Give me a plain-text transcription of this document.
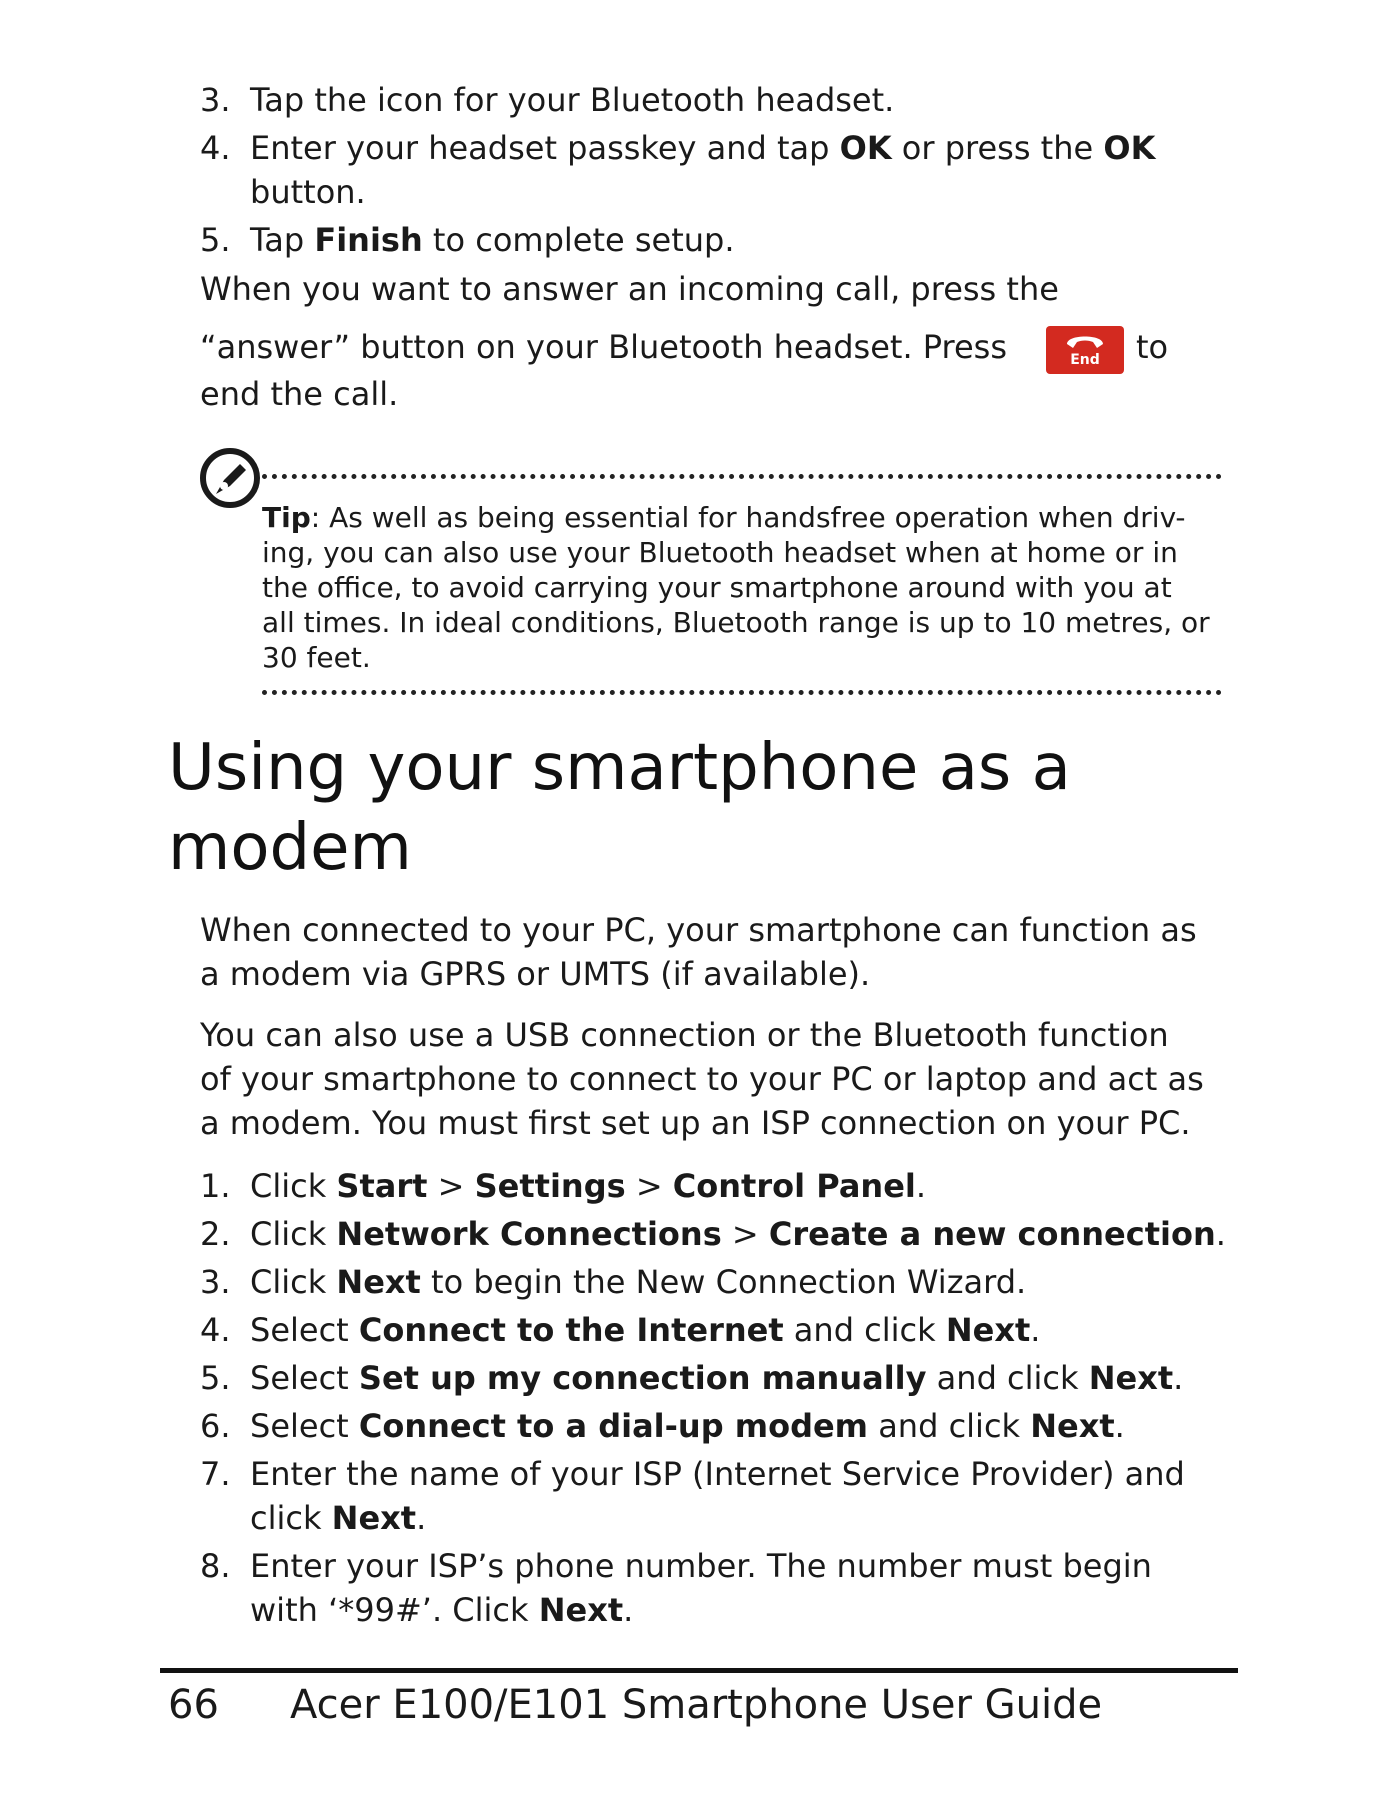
3. Tap the icon for your Bluetooth headset.
4. Enter your headset passkey and tap OK or press the OK
button.
5. Tap Finish to complete setup.
When you want to answer an incoming call, press the
“answer” button on your Bluetooth headset. Press	End	to
end the call.
Tip: As well as being essential for handsfree operation when driv-
ing, you can also use your Bluetooth headset when at home or in
the office, to avoid carrying your smartphone around with you at
all times. In ideal conditions, Bluetooth range is up to 10 metres, or
30 feet.
Using your smartphone as a
modem
When connected to your PC, your smartphone can function as
a modem via GPRS or UMTS (if available).
You can also use a USB connection or the Bluetooth function
of your smartphone to connect to your PC or laptop and act as
a modem. You must first set up an ISP connection on your PC.
1. Click Start > Settings > Control Panel.
2. Click Network Connections > Create a new connection.
3. Click Next to begin the New Connection Wizard.
4. Select Connect to the Internet and click Next.
5. Select Set up my connection manually and click Next.
6. Select Connect to a dial-up modem and click Next.
7. Enter the name of your ISP (Internet Service Provider) and
click Next.
8. Enter your ISP’s phone number. The number must begin
with ‘*99#’. Click Next.
66 Acer E100/E101 Smartphone User Guide
